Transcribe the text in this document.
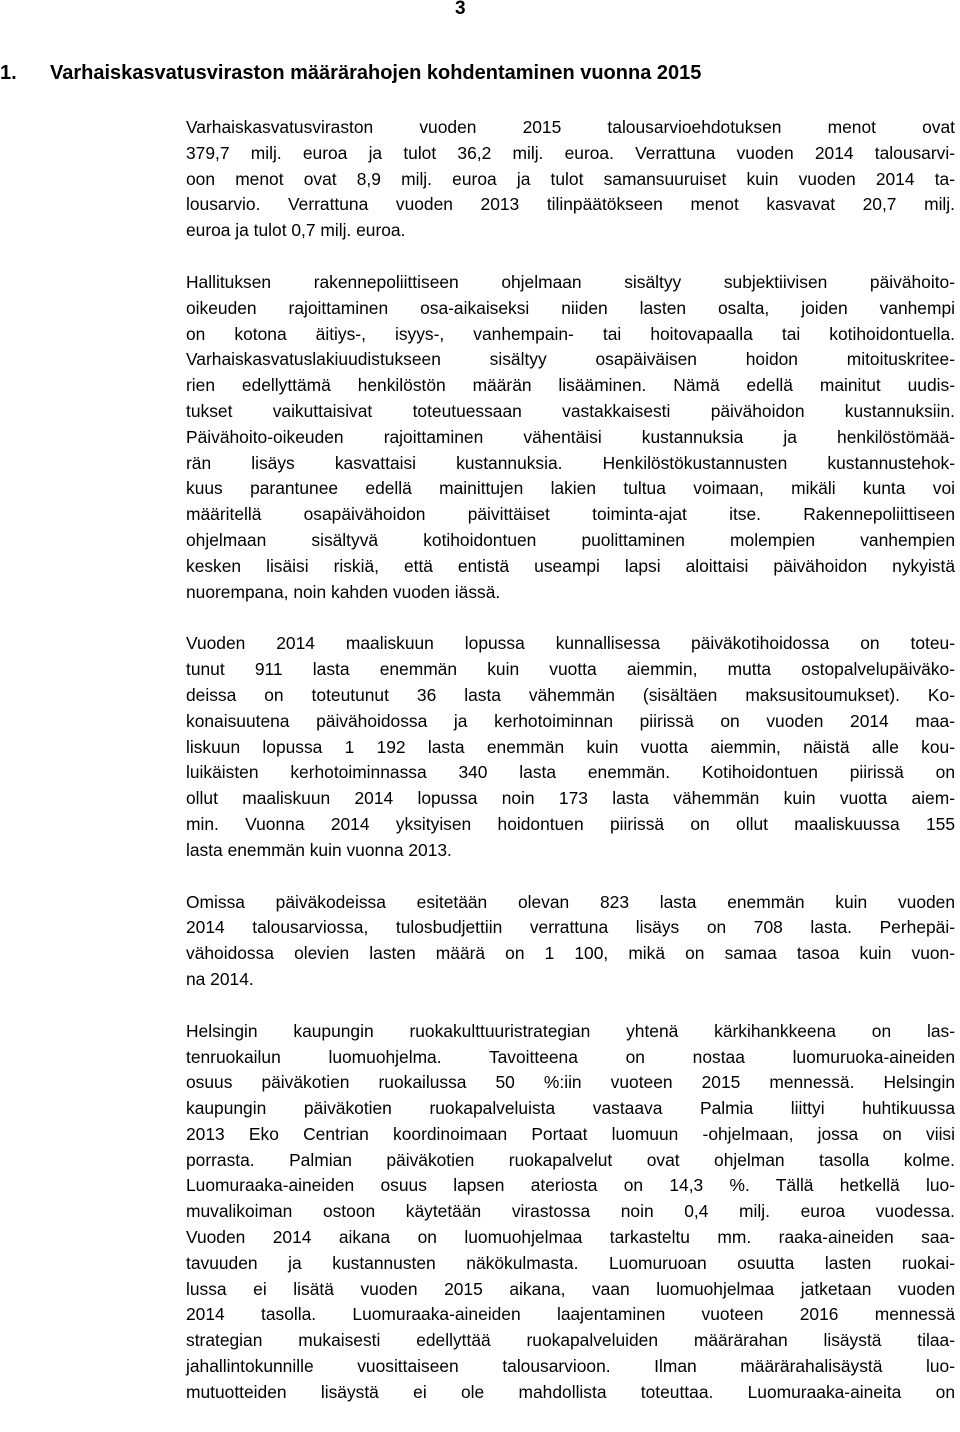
3
1. Varhaiskasvatusviraston määrärahojen kohdentaminen vuonna 2015
Varhaiskasvatusviraston vuoden 2015 talousarvioehdotuksen menot ovat
379,7 milj. euroa ja tulot 36,2 milj. euroa. Verrattuna vuoden 2014 talousarvi-
oon menot ovat 8,9 milj. euroa ja tulot samansuuruiset kuin vuoden 2014 ta-
lousarvio. Verrattuna vuoden 2013 tilinpäätökseen menot kasvavat 20,7 milj.
euroa ja tulot 0,7 milj. euroa.
Hallituksen rakennepoliittiseen ohjelmaan sisältyy subjektiivisen päivähoito-
oikeuden rajoittaminen osa-aikaiseksi niiden lasten osalta, joiden vanhempi
on kotona äitiys-, isyys-, vanhempain- tai hoitovapaalla tai kotihoidontuella.
Varhaiskasvatuslakiuudistukseen sisältyy osapäiväisen hoidon mitoituskritee-
rien edellyttämä henkilöstön määrän lisääminen. Nämä edellä mainitut uudis-
tukset vaikuttaisivat toteutuessaan vastakkaisesti päivähoidon kustannuksiin.
Päivähoito-oikeuden rajoittaminen vähentäisi kustannuksia ja henkilöstömää-
rän lisäys kasvattaisi kustannuksia. Henkilöstökustannusten kustannustehok-
kuus parantunee edellä mainittujen lakien tultua voimaan, mikäli kunta voi
määritellä osapäivähoidon päivittäiset toiminta-ajat itse. Rakennepoliittiseen
ohjelmaan sisältyvä kotihoidontuen puolittaminen molempien vanhempien
kesken lisäisi riskiä, että entistä useampi lapsi aloittaisi päivähoidon nykyistä
nuorempana, noin kahden vuoden iässä.
Vuoden 2014 maaliskuun lopussa kunnallisessa päiväkotihoidossa on toteu-
tunut 911 lasta enemmän kuin vuotta aiemmin, mutta ostopalvelupäiväko-
deissa on toteutunut 36 lasta vähemmän (sisältäen maksusitoumukset). Ko-
konaisuutena päivähoidossa ja kerhotoiminnan piirissä on vuoden 2014 maa-
liskuun lopussa 1 192 lasta enemmän kuin vuotta aiemmin, näistä alle kou-
luikäisten kerhotoiminnassa 340 lasta enemmän. Kotihoidontuen piirissä on
ollut maaliskuun 2014 lopussa noin 173 lasta vähemmän kuin vuotta aiem-
min. Vuonna 2014 yksityisen hoidontuen piirissä on ollut maaliskuussa 155
lasta enemmän kuin vuonna 2013.
Omissa päiväkodeissa esitetään olevan 823 lasta enemmän kuin vuoden
2014 talousarviossa, tulosbudjettiin verrattuna lisäys on 708 lasta. Perhepäi-
vähoidossa olevien lasten määrä on 1 100, mikä on samaa tasoa kuin vuon-
na 2014.
Helsingin kaupungin ruokakulttuuristrategian yhtenä kärkihankkeena on las-
tenruokailun luomuohjelma. Tavoitteena on nostaa luomuruoka-aineiden
osuus päiväkotien ruokailussa 50 %:iin vuoteen 2015 mennessä. Helsingin
kaupungin päiväkotien ruokapalveluista vastaava Palmia liittyi huhtikuussa
2013 Eko Centrian koordinoimaan Portaat luomuun -ohjelmaan, jossa on viisi
porrasta. Palmian päiväkotien ruokapalvelut ovat ohjelman tasolla kolme.
Luomuraaka-aineiden osuus lapsen ateriosta on 14,3 %. Tällä hetkellä luo-
muvalikoiman ostoon käytetään virastossa noin 0,4 milj. euroa vuodessa.
Vuoden 2014 aikana on luomuohjelmaa tarkasteltu mm. raaka-aineiden saa-
tavuuden ja kustannusten näkökulmasta. Luomuruoan osuutta lasten ruokai-
lussa ei lisätä vuoden 2015 aikana, vaan luomuohjelmaa jatketaan vuoden
2014 tasolla. Luomuraaka-aineiden laajentaminen vuoteen 2016 mennessä
strategian mukaisesti edellyttää ruokapalveluiden määrärahan lisäystä tilaa-
jahallintokunnille vuosittaiseen talousarvioon. Ilman määrärahalisäystä luo-
mutuotteiden lisäystä ei ole mahdollista toteuttaa. Luomuraaka-aineita on
